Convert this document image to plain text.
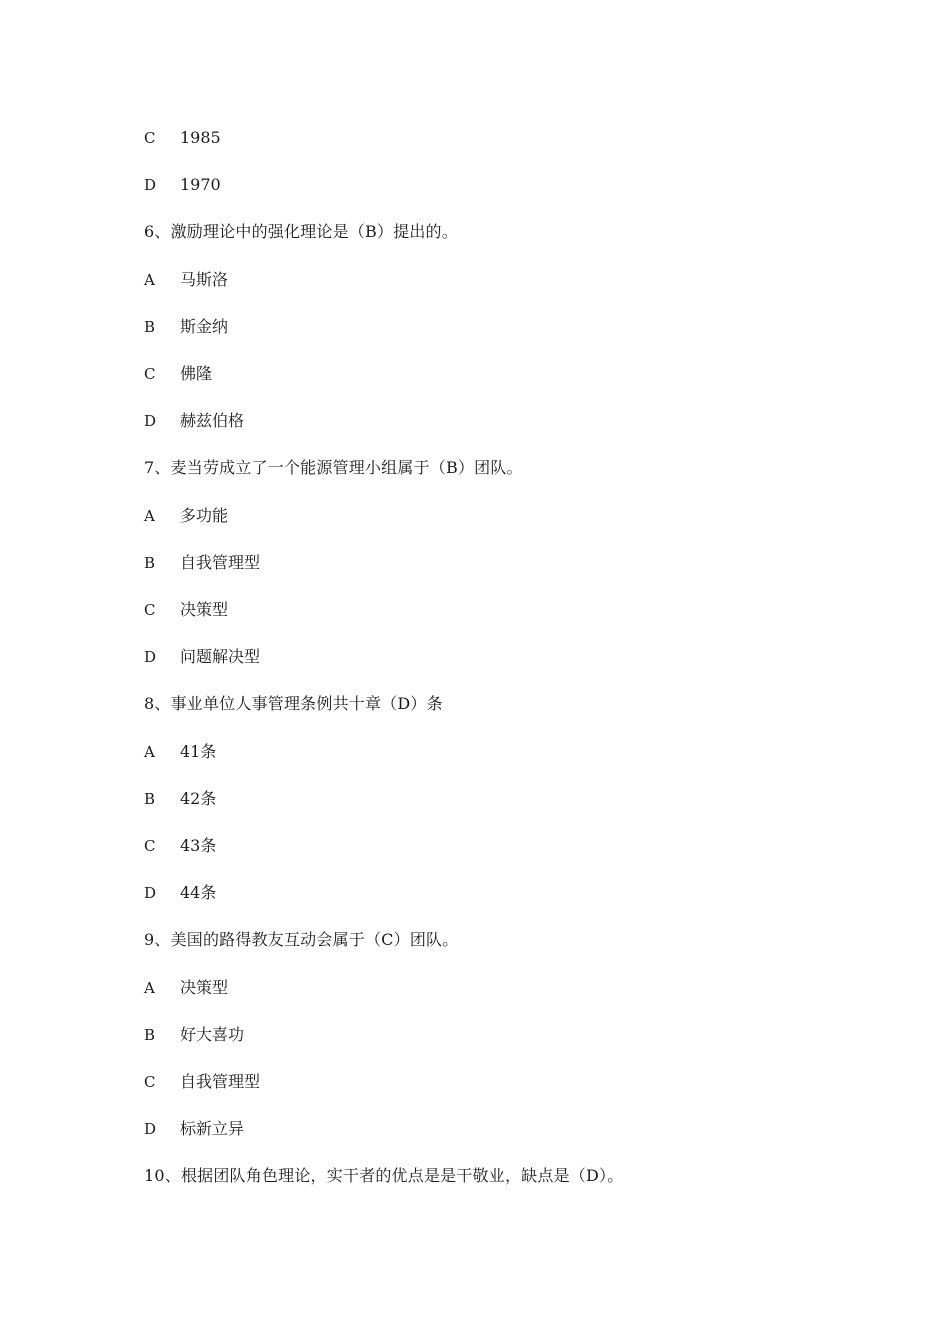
C 1985
D 1970
6、激励理论中的强化理论是（B）提出的。
A 马斯洛
B 斯金纳
C 佛隆
D 赫兹伯格
7、麦当劳成立了一个能源管理小组属于（B）团队。
A 多功能
B 自我管理型
C 决策型
D 问题解决型
8、事业单位人事管理条例共十章（D）条
A 41条
B 42条
C 43条
D 44条
9、美国的路得教友互动会属于（C）团队。
A 决策型
B 好大喜功
C 自我管理型
D 标新立异
10、根据团队角色理论，实干者的优点是是干敬业，缺点是（D）。
